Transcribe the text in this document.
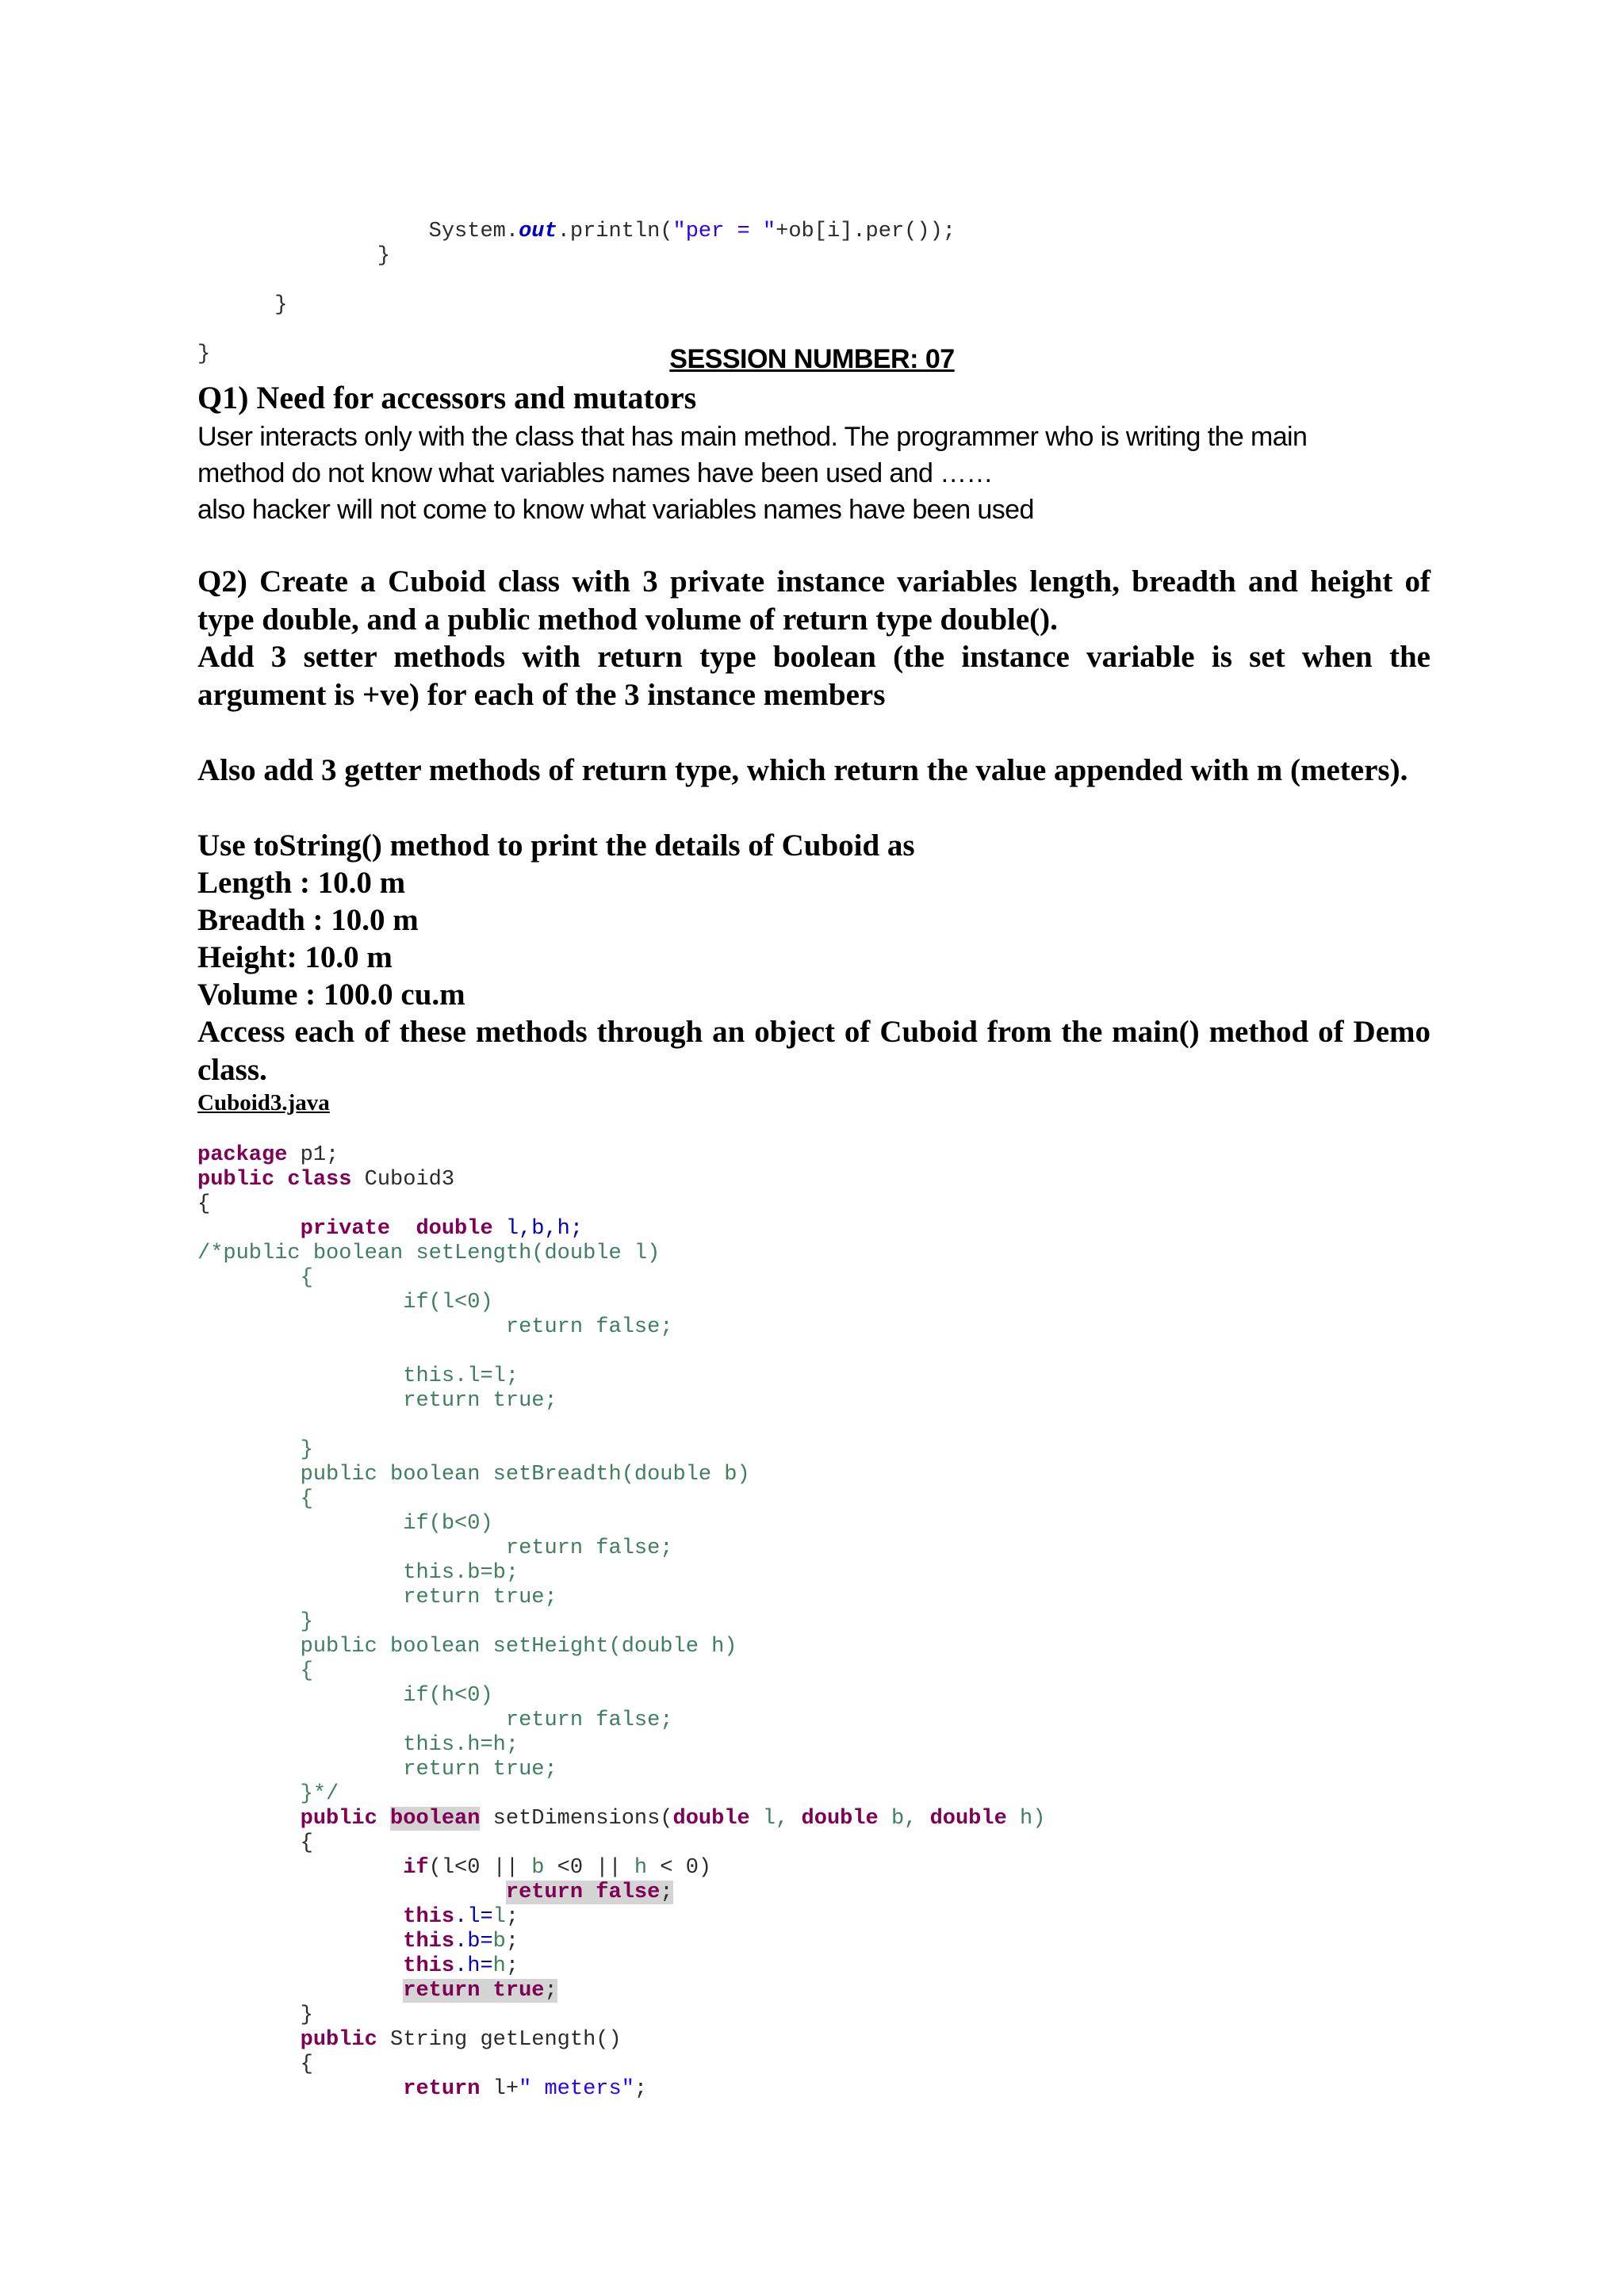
System.out.println("per = "+ob[i].per());
}

}

}	SESSION NUMBER: 07
Q1) Need for accessors and mutators
User interacts only with the class that has main method. The programmer who is writing the main
method do not know what variables names have been used and ……
also hacker will not come to know what variables names have been used
Q2) Create a Cuboid class with 3 private instance variables length, breadth and height of type double, and a public method volume of return type double().
Add 3 setter methods with return type boolean (the instance variable is set when the argument is +ve) for each of the 3 instance members
Also add 3 getter methods of return type, which return the value appended with m (meters).
Use toString() method to print the details of Cuboid as
Length : 10.0 m
Breadth : 10.0 m
Height: 10.0 m
Volume : 100.0 cu.m
Access each of these methods through an object of Cuboid from the main() method of Demo class.
Cuboid3.java

package p1;
public class Cuboid3
{
private double l,b,h;
/*public boolean setLength(double l)
{
if(l<0)
return false;

this.l=l;
return true;

}
public boolean setBreadth(double b)
{
if(b<0)
return false;
this.b=b;
return true;
}
public boolean setHeight(double h)
{
if(h<0)
return false;
this.h=h;
return true;
}*/
public boolean setDimensions(double l, double b, double h)
{
if(l<0 || b <0 || h < 0)
return false;
this.l=l;
this.b=b;
this.h=h;
return true;
}
public String getLength()
{
return l+" meters";
